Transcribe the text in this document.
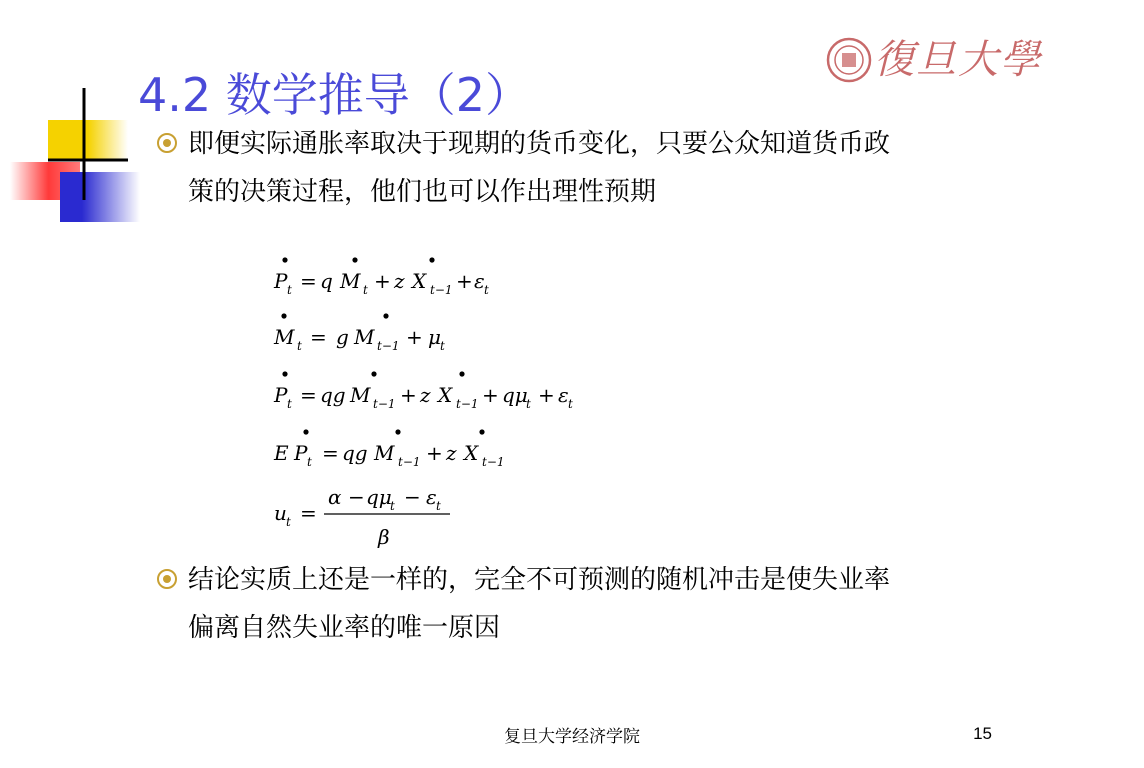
4.2 数学推导（2）
復旦大學
即便实际通胀率取决于现期的货币变化，只要公众知道货币政策的决策过程，他们也可以作出理性预期
P t = q M t + z X t−1 + ε t
M t = g M t−1 + μ t
P t = qg M t−1 + z X t−1 + qμ
t + ε t
E P t = qg M t−1 + z X t−1
u t =
α − qμ
t − ε t
β
结论实质上还是一样的，完全不可预测的随机冲击是使失业率偏离自然失业率的唯一原因
复旦大学经济学院	15
